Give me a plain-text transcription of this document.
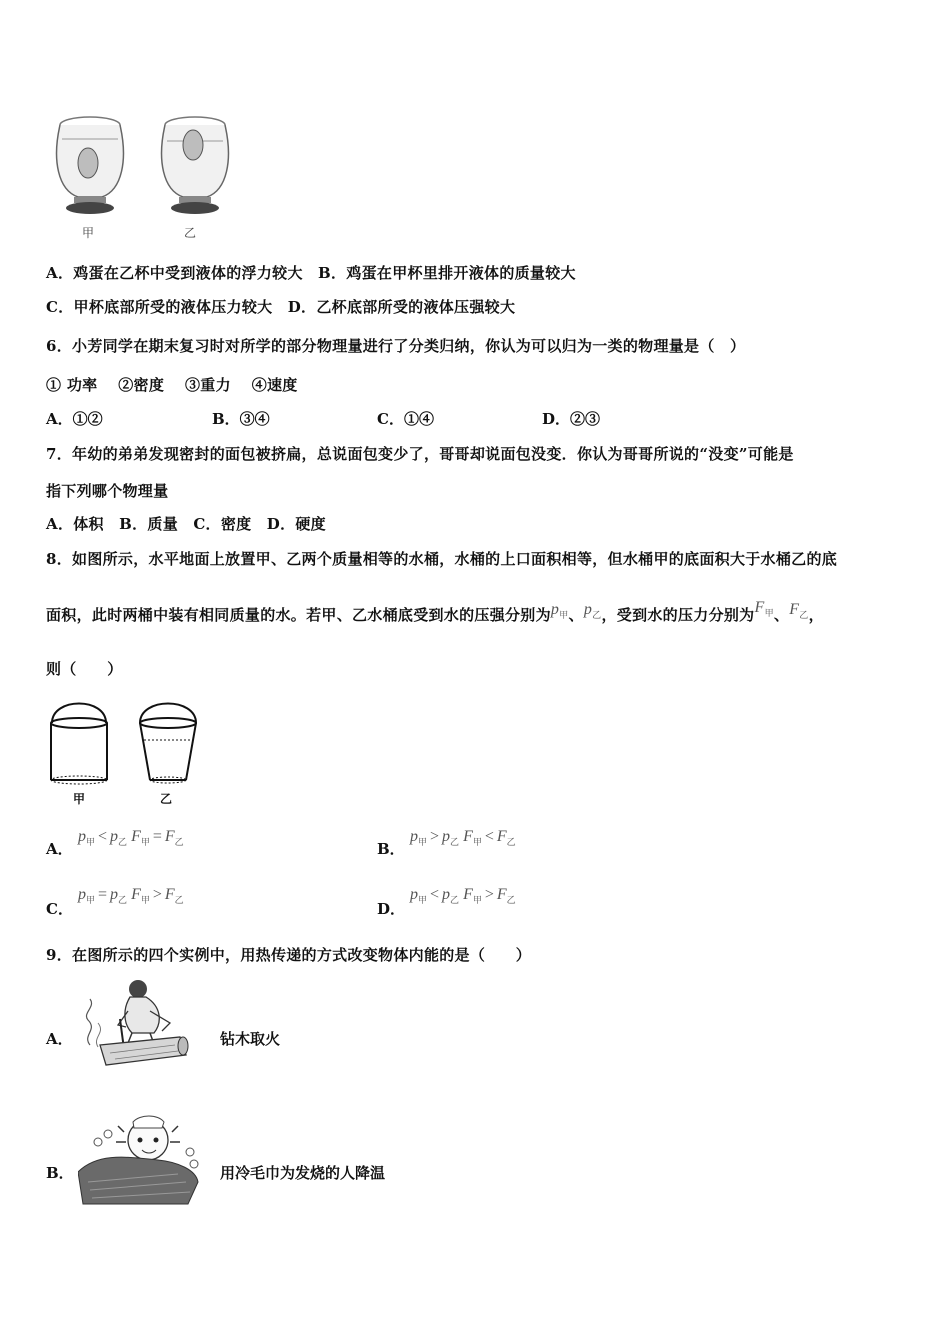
甲	乙
A．鸡蛋在乙杯中受到液体的浮力较大　B．鸡蛋在甲杯里排开液体的质量较大
C．甲杯底部所受的液体压力较大　D．乙杯底部所受的液体压强较大
6．小芳同学在期末复习时对所学的部分物理量进行了分类归纳，你认为可以归为一类的物理量是（　）
① 功率　 ②密度　 ③重力　 ④速度
A．①②	B．③④	C．①④	D．②③
7．年幼的弟弟发现密封的面包被挤扁，总说面包变少了，哥哥却说面包没变．你认为哥哥所说的“没变”可能是
指下列哪个物理量
A．体积　B．质量　C．密度　D．硬度
8．如图所示，水平地面上放置甲、乙两个质量相等的水桶，水桶的上口面积相等，但水桶甲的底面积大于水桶乙的底
面积，此时两桶中装有相同质量的水。若甲、乙水桶底受到水的压强分别为$p_甲$、$p_乙$，受到水的压力分别为$F_甲$、$F_乙$，
则（　　）
甲	乙
A．
$p_甲 < p_乙$ $F_甲 = F_乙$	B．
$p_甲 > p_乙$ $F_甲 < F_乙$
C．
$p_甲 = p_乙$ $F_甲 > F_乙$	D．
$p_甲 < p_乙$ $F_甲 > F_乙$
9．在图所示的四个实例中，用热传递的方式改变物体内能的是（　　）
A．	钻木取火
B．	用冷毛巾为发烧的人降温
